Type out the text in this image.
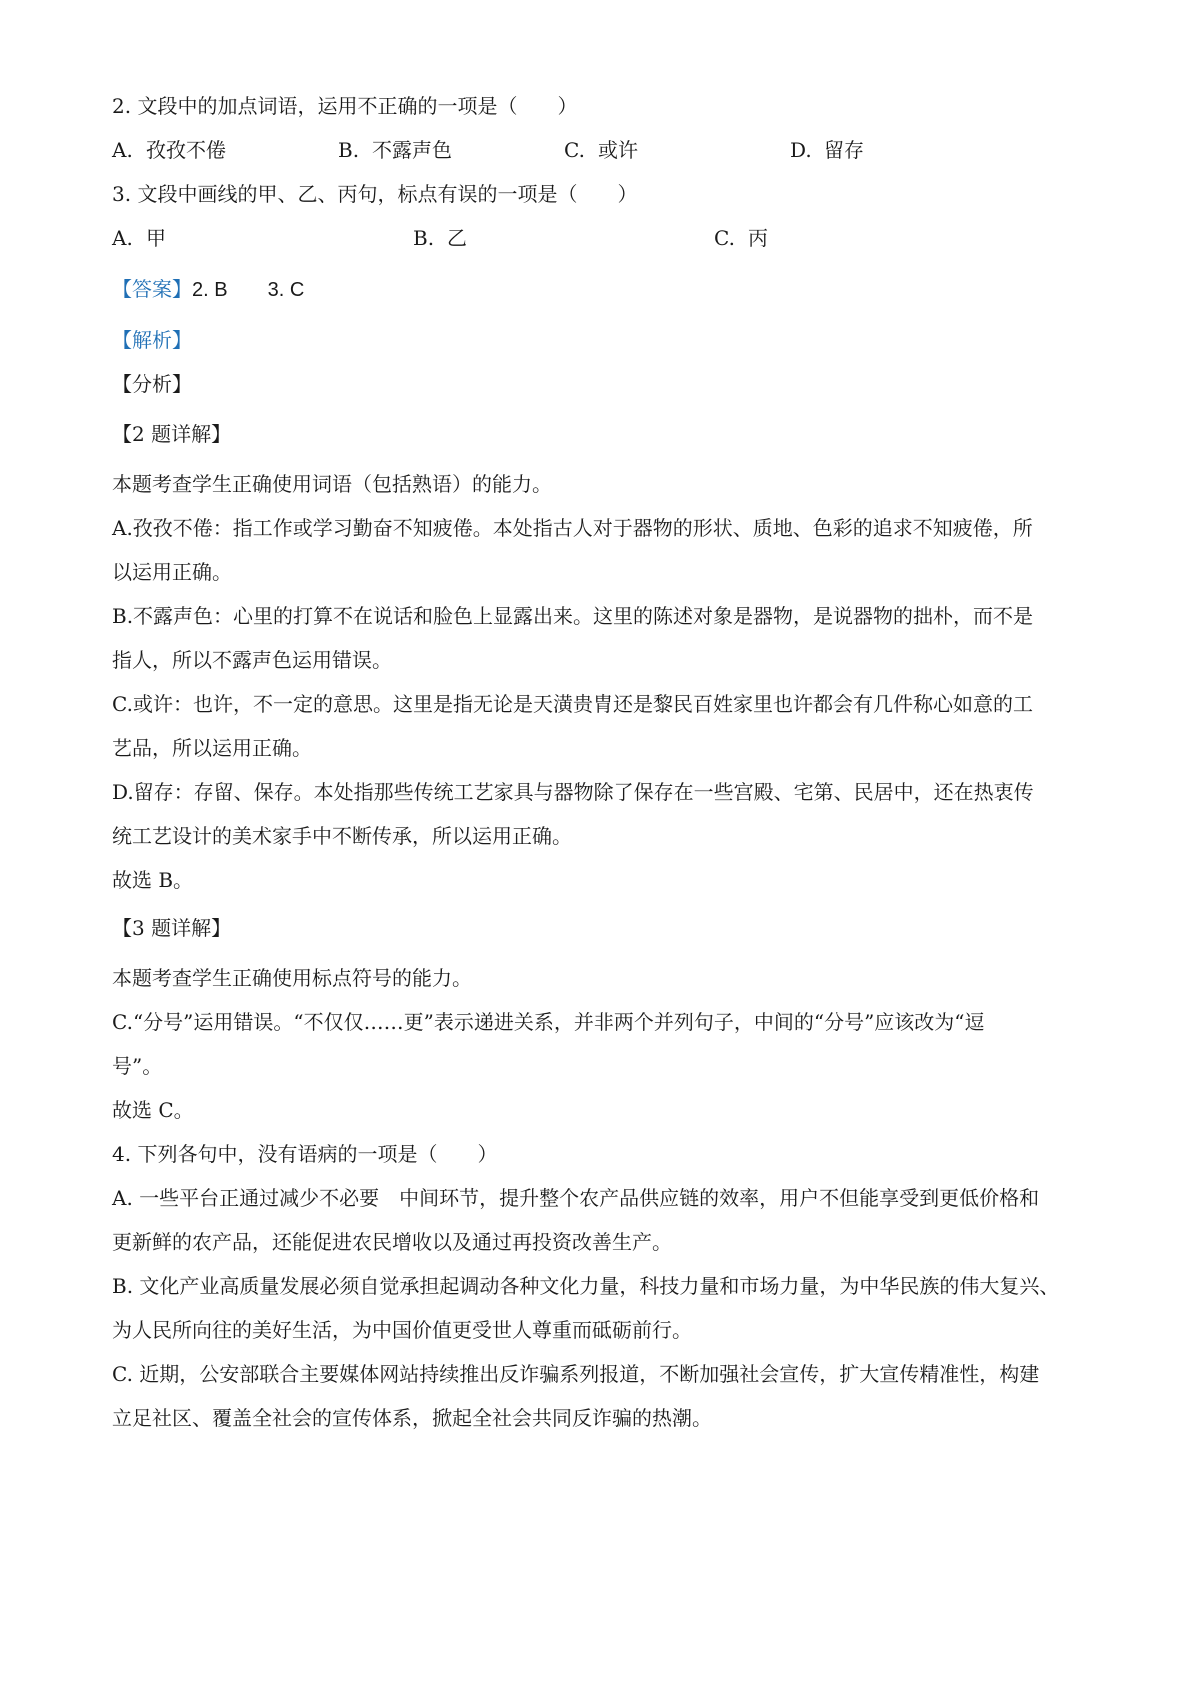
2. 文段中的加点词语，运用不正确的一项是（　　）
A. 孜孜不倦	B. 不露声色	C. 或许	D. 留存
3. 文段中画线的甲、乙、丙句，标点有误的一项是（　　）
A. 甲	B. 乙	C. 丙
【答案】2. B 3. C
【解析】
【分析】
【2 题详解】
本题考查学生正确使用词语（包括熟语）的能力。
A.孜孜不倦：指工作或学习勤奋不知疲倦。本处指古人对于器物的形状、质地、色彩的追求不知疲倦，所
以运用正确。
B.不露声色：心里的打算不在说话和脸色上显露出来。这里的陈述对象是器物，是说器物的拙朴，而不是
指人，所以不露声色运用错误。
C.或许：也许，不一定的意思。这里是指无论是天潢贵胄还是黎民百姓家里也许都会有几件称心如意的工
艺品，所以运用正确。
D.留存：存留、保存。本处指那些传统工艺家具与器物除了保存在一些宫殿、宅第、民居中，还在热衷传
统工艺设计的美术家手中不断传承，所以运用正确。
故选 B。
【3 题详解】
本题考查学生正确使用标点符号的能力。
C.“分号”运用错误。“不仅仅……更”表示递进关系，并非两个并列句子，中间的“分号”应该改为“逗
号”。
故选 C。
4. 下列各句中，没有语病的一项是（　　）
A. 一些平台正通过减少不必要　中间环节，提升整个农产品供应链的效率，用户不但能享受到更低价格和
更新鲜的农产品，还能促进农民增收以及通过再投资改善生产。
B. 文化产业高质量发展必须自觉承担起调动各种文化力量，科技力量和市场力量，为中华民族的伟大复兴、
为人民所向往的美好生活，为中国价值更受世人尊重而砥砺前行。
C. 近期，公安部联合主要媒体网站持续推出反诈骗系列报道，不断加强社会宣传，扩大宣传精准性，构建
立足社区、覆盖全社会的宣传体系，掀起全社会共同反诈骗的热潮。
